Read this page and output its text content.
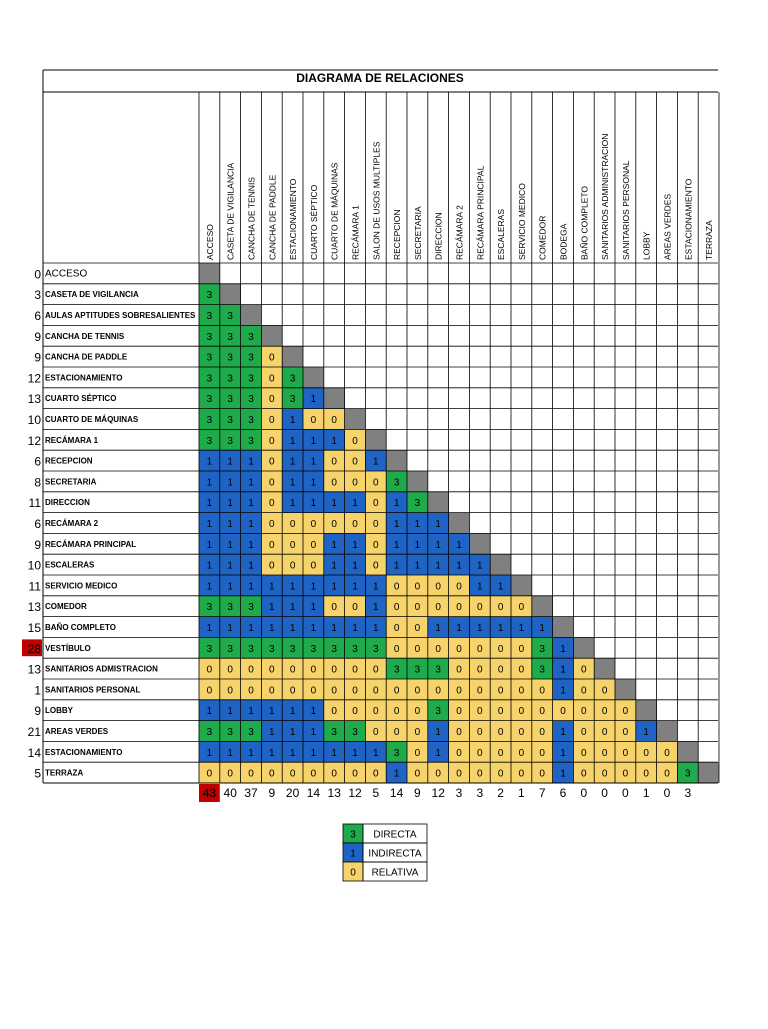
3
3 3
3 3 3
3 3 3 0
3 3 3 0 3
3 3 3 0 3 1
3 3 3 0 1 0 0
3 3 3 0 1 1 1 0
1 1 1 0 1 1 0 0 1
1 1 1 0 1 1 0 0 0 3
1 1 1 0 1 1 1 1 0 1 3
1 1 1 0 0 0 0 0 0 1 1 1
1 1 1 0 0 0 1 1 0 1 1 1 1
1 1 1 0 0 0 1 1 0 1 1 1 1 1
1 1 1 1 1 1 1 1 1 0 0 0 0 1 1
3 3 3 1 1 1 0 0 1 0 0 0 0 0 0 0
1 1 1 1 1 1 1 1 1 0 0 1 1 1 1 1 1
3 3 3 3 3 3 3 3 3 0 0 0 0 0 0 0 3 1
0 0 0 0 0 0 0 0 0 3 3 3 0 0 0 0 3 1 0
0 0 0 0 0 0 0 0 0 0 0 0 0 0 0 0 0 1 0 0
1 1 1 1 1 1 0 0 0 0 0 3 0 0 0 0 0 0 0 0 0
3 3 3 1 1 1 3 3 0 0 0 1 0 0 0 0 0 1 0 0 0 1
1 1 1 1 1 1 1 1 1 3 0 1 0 0 0 0 0 1 0 0 0 0 0
0 0 0 0 0 0 0 0 0 1 0 0 0 0 0 0 0 1 0 0 0 0 0 3
DIAGRAMA DE RELACIONES
ACCESO CASETA DE VIGILANCIA CANCHA DE TENNIS CANCHA DE PADDLE ESTACIONAMIENTO CUARTO SÉPTICO CUARTO DE MÁQUINAS RECÁMARA 1 SALON DE USOS MULTIPLES RECEPCION SECRETARIA DIRECCION RECÁMARA 2 RECÁMARA PRINCIPAL ESCALERAS SERVICIO MEDICO COMEDOR BODEGA BAÑO COMPLETO SANITARIOS ADMINISTRACION SANITARIOS PERSONAL LOBBY AREAS VERDES ESTACIONAMIENTO TERRAZA
ACCESO
CASETA DE VIGILANCIA
AULAS APTITUDES SOBRESALIENTES
CANCHA DE TENNIS
CANCHA DE PADDLE
ESTACIONAMIENTO
CUARTO SÉPTICO
CUARTO DE MÁQUINAS
RECÁMARA 1
RECEPCION
SECRETARIA
DIRECCION
RECÁMARA 2
RECÁMARA PRINCIPAL
ESCALERAS
SERVICIO MEDICO
COMEDOR
BAÑO COMPLETO
VESTÍBULO
SANITARIOS ADMISTRACION
SANITARIOS PERSONAL
LOBBY
AREAS VERDES
ESTACIONAMIENTO
TERRAZA
0
3
6
9
9
12
13
10
12
6
8
11
6
9
10
11
13
15
28
13
1
9
21
14
5
43 40 37 9 20 14 13 12 5 14 9 12 3 3 2 1 7 6 0 0 0 1 0 3
3 DIRECTA
1 INDIRECTA
0 RELATIVA
